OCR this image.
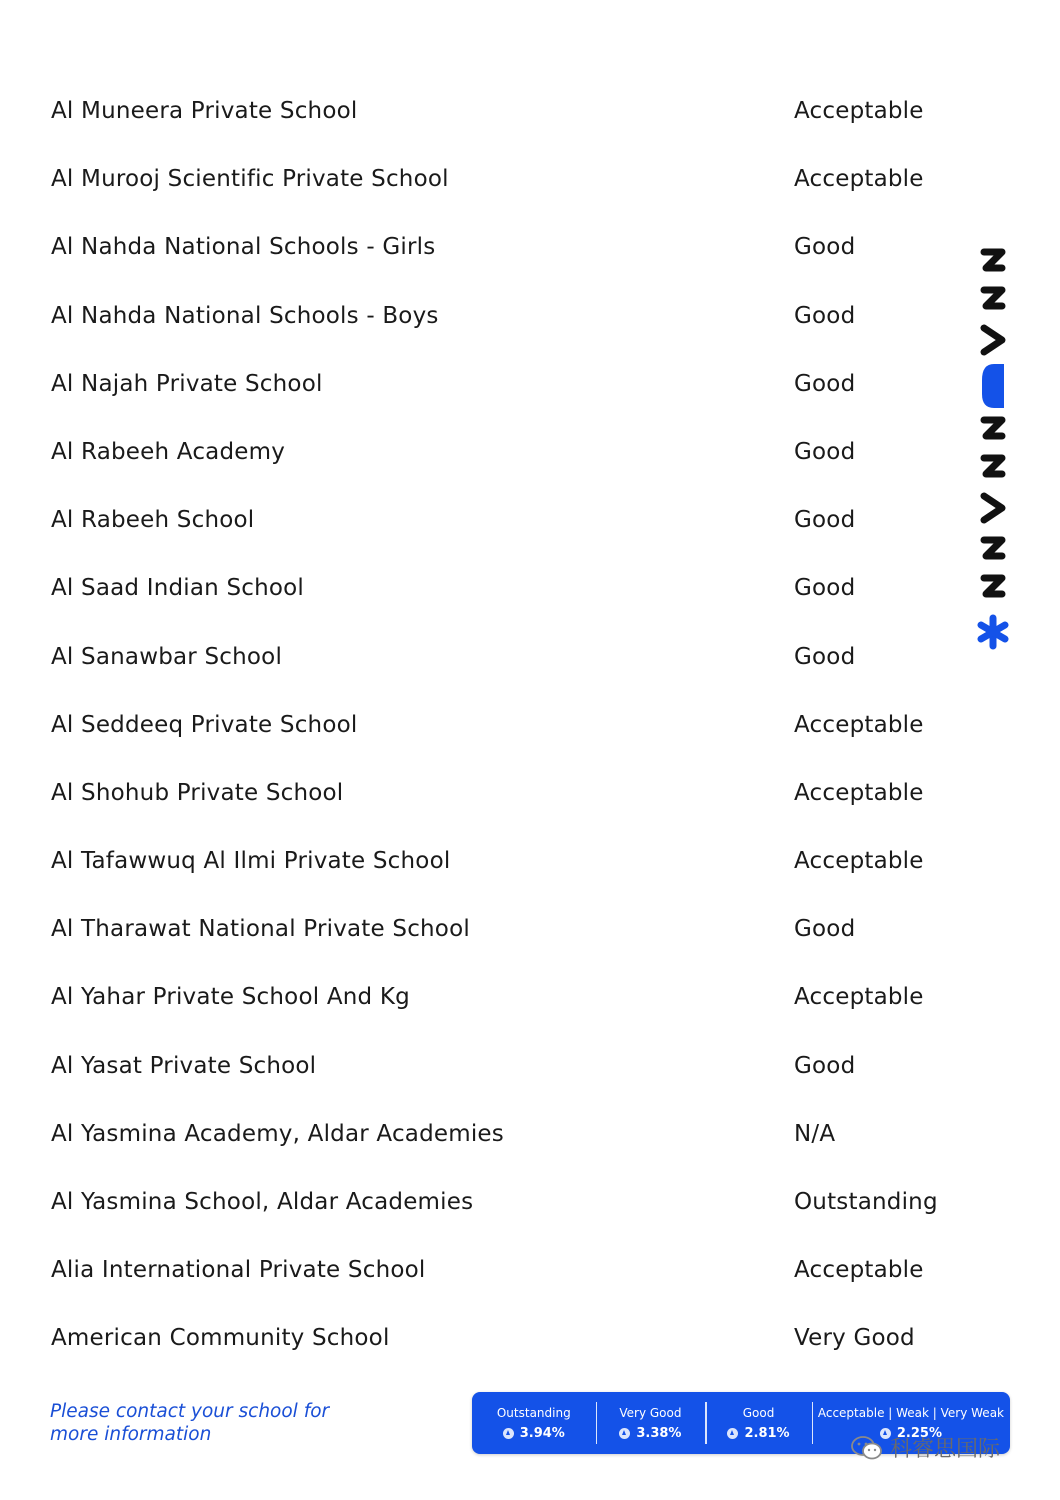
Al Muneera Private School	Acceptable
Al Murooj Scientific Private School	Acceptable
Al Nahda National Schools - Girls	Good
Al Nahda National Schools - Boys	Good
Al Najah Private School	Good
Al Rabeeh Academy	Good
Al Rabeeh School	Good
Al Saad Indian School	Good
Al Sanawbar School	Good
Al Seddeeq Private School	Acceptable
Al Shohub Private School	Acceptable
Al Tafawwuq Al Ilmi Private School	Acceptable
Al Tharawat National Private School	Good
Al Yahar Private School And Kg	Acceptable
Al Yasat Private School	Good
Al Yasmina Academy, Aldar Academies	N/A
Al Yasmina School, Aldar Academies	Outstanding
Alia International Private School	Acceptable
American Community School	Very Good
Please contact your school for more information
Outstanding
3.94%
Very Good
3.38%
Good
2.81%
Acceptable | Weak | Very Weak
2.25%
科睿思国际
